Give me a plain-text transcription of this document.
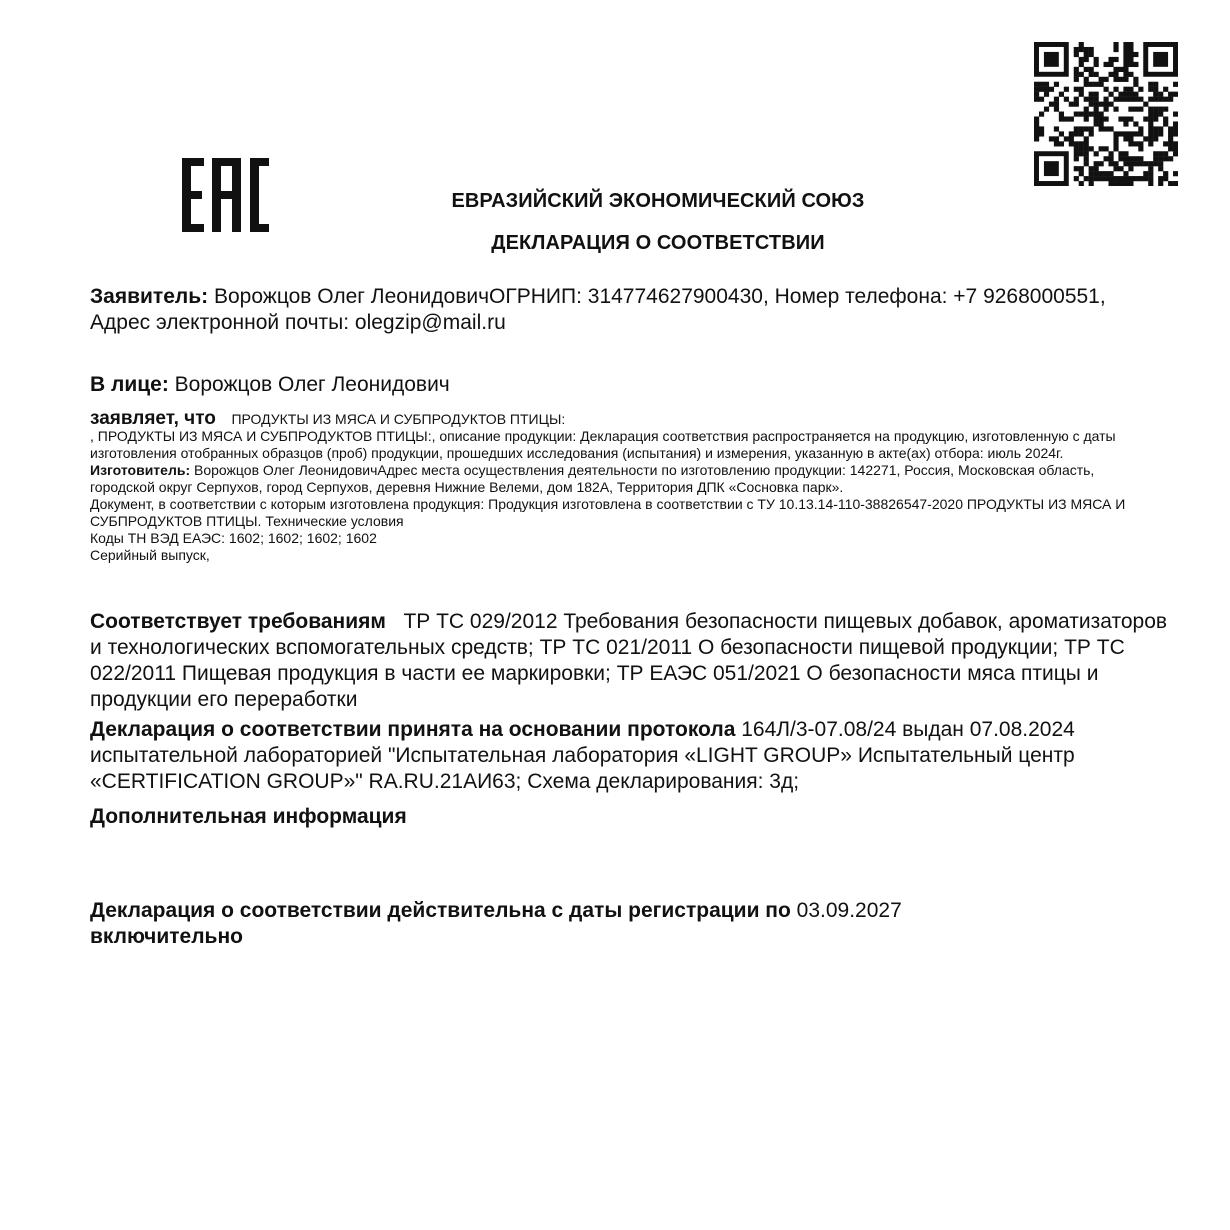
ЕВРАЗИЙСКИЙ ЭКОНОМИЧЕСКИЙ СОЮЗ
ДЕКЛАРАЦИЯ О СООТВЕТСТВИИ
Заявитель: Ворожцов Олег ЛеонидовичОГРНИП: 314774627900430, Номер телефона: +7 9268000551, Адрес электронной почты: olegzip@mail.ru
В лице: Ворожцов Олег Леонидович
заявляет, что ПРОДУКТЫ ИЗ МЯСА И СУБПРОДУКТОВ ПТИЦЫ:
, ПРОДУКТЫ ИЗ МЯСА И СУБПРОДУКТОВ ПТИЦЫ:, описание продукции: Декларация соответствия распространяется на продукцию, изготовленную с даты изготовления отобранных образцов (проб) продукции, прошедших исследования (испытания) и измерения, указанную в акте(ах) отбора: июль 2024г.
Изготовитель: Ворожцов Олег ЛеонидовичАдрес места осуществления деятельности по изготовлению продукции: 142271, Россия, Московская область, городской округ Серпухов, город Серпухов, деревня Нижние Велеми, дом 182А, Территория ДПК «Сосновка парк».
Документ, в соответствии с которым изготовлена продукция: Продукция изготовлена в соответствии с ТУ 10.13.14-110-38826547-2020 ПРОДУКТЫ ИЗ МЯСА И СУБПРОДУКТОВ ПТИЦЫ. Технические условия
Коды ТН ВЭД ЕАЭС: 1602; 1602; 1602; 1602
Серийный выпуск,
Соответствует требованиям ТР ТС 029/2012 Требования безопасности пищевых добавок, ароматизаторов и технологических вспомогательных средств; ТР ТС 021/2011 О безопасности пищевой продукции; ТР ТС 022/2011 Пищевая продукция в части ее маркировки; ТР ЕАЭС 051/2021 О безопасности мяса птицы и продукции его переработки
Декларация о соответствии принята на основании протокола 164Л/3-07.08/24 выдан 07.08.2024 испытательной лабораторией "Испытательная лаборатория «LIGHT GROUP» Испытательный центр «CERTIFICATION GROUP»" RA.RU.21АИ63; Схема декларирования: 3д;
Дополнительная информация
Декларация о соответствии действительна с даты регистрации по 03.09.2027
включительно
